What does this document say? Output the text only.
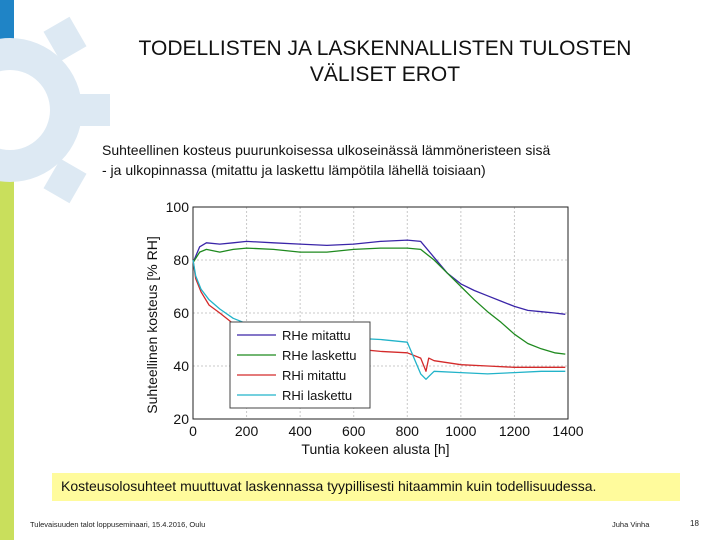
TODELLISTEN JA LASKENNALLISTEN TULOSTEN
VÄLISET EROT
Suhteellinen kosteus puurunkoisessa ulkoseinässä lämmöneristeen sisä
- ja ulkopinnassa (mitattu ja laskettu lämpötila lähellä toisiaan)
0	200 400 600 800 1000 1200 1400
20
40
60
80
100
Tuntia kokeen alusta [h]
Suhteellinen kosteus [% RH]	RHe mitattu
RHe laskettu
RHi mitattu
RHi laskettu
Kosteusolosuhteet muuttuvat laskennassa tyypillisesti hitaammin kuin todellisuudessa.
Tulevaisuuden talot loppuseminaari, 15.4.2016, Oulu	Juha Vinha	18
